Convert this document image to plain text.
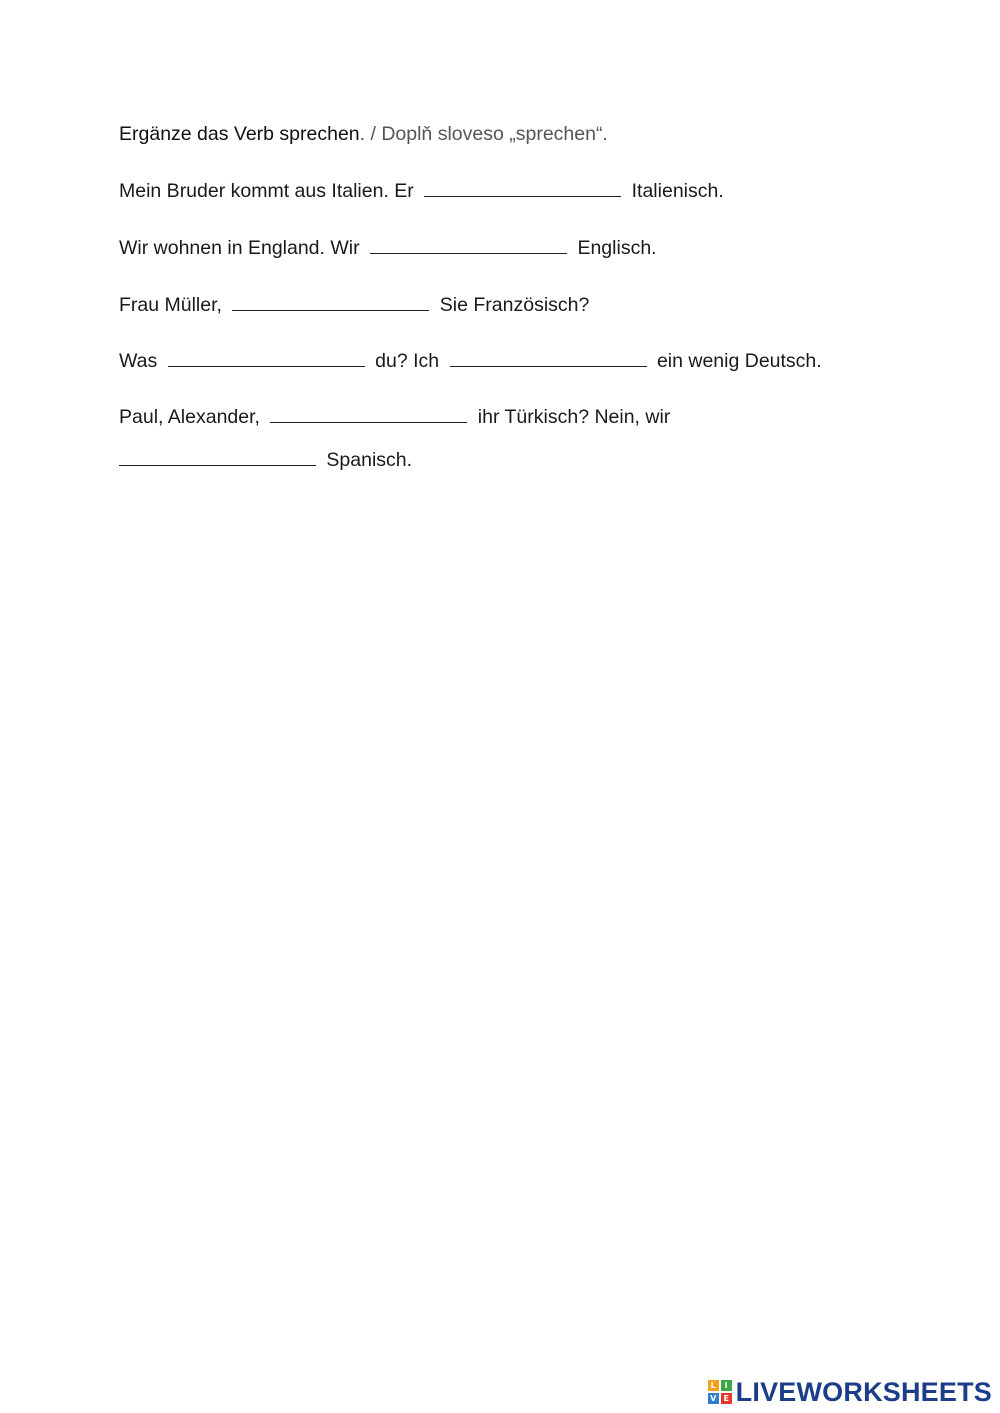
Ergänze das Verb sprechen. / Doplň sloveso „sprechen“.
Mein Bruder kommt aus Italien. Er	Italienisch.
Wir wohnen in England. Wir	Englisch.
Frau Müller,	Sie Französisch?
Was	du? Ich	ein wenig Deutsch.
Paul, Alexander,	ihr Türkisch? Nein, wir
Spanisch.
L	I
V E LIVEWORKSHEETS
